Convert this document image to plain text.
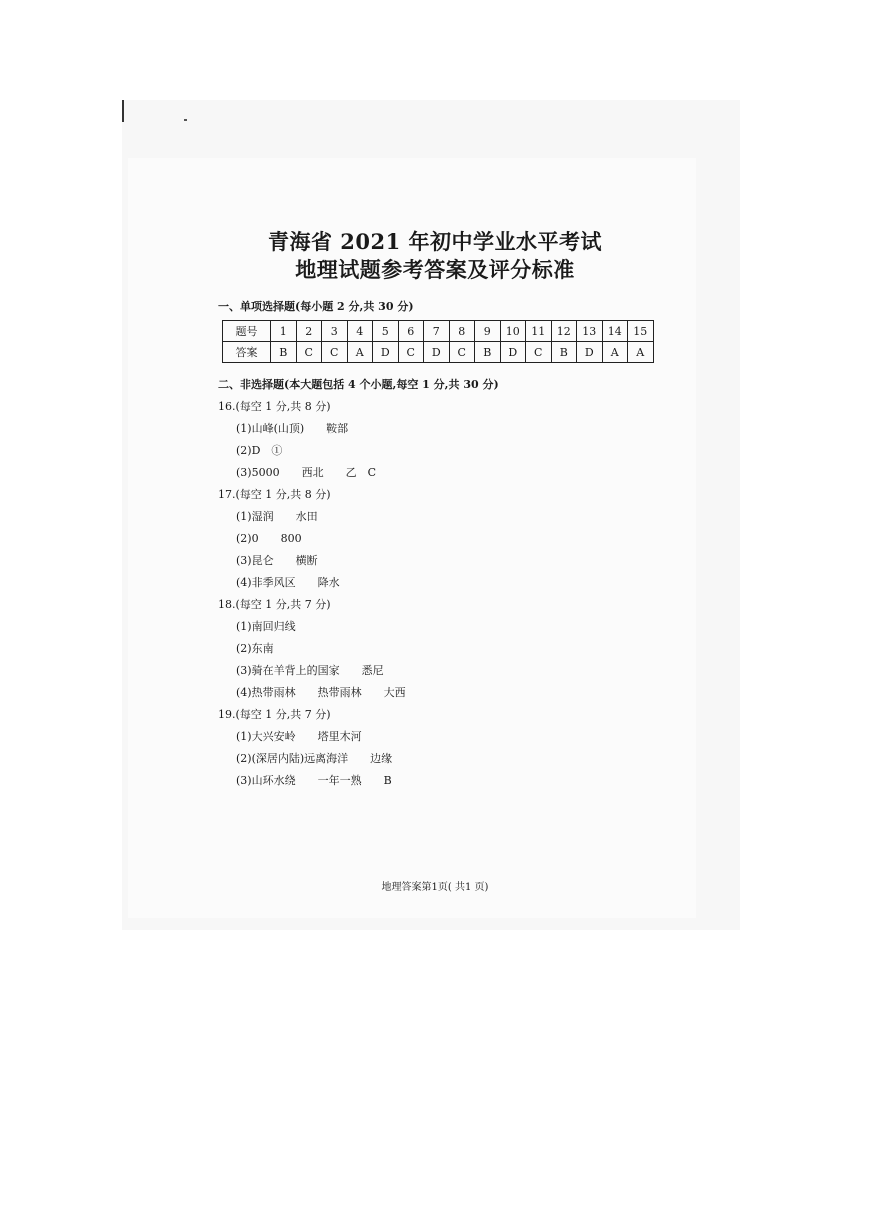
青海省 2021 年初中学业水平考试
地理试题参考答案及评分标准
一、单项选择题(每小题 2 分,共 30 分)
题号	1	2	3	4	5	6	7	8	9	10	11	12	13	14	15
答案	B	C	C	A	D	C	D	C	B	D	C	B	D	A	A
二、非选择题(本大题包括 4 个小题,每空 1 分,共 30 分)
16.(每空 1 分,共 8 分)
(1)山峰(山顶)　　鞍部
(2)D　①
(3)5000　　西北　　乙　C
17.(每空 1 分,共 8 分)
(1)湿润　　水田
(2)0　　800
(3)昆仑　　横断
(4)非季风区　　降水
18.(每空 1 分,共 7 分)
(1)南回归线
(2)东南
(3)骑在羊背上的国家　　悉尼
(4)热带雨林　　热带雨林　　大西
19.(每空 1 分,共 7 分)
(1)大兴安岭　　塔里木河
(2)(深居内陆)远离海洋　　边缘
(3)山环水绕　　一年一熟　　B
地理答案第1页( 共1 页)
